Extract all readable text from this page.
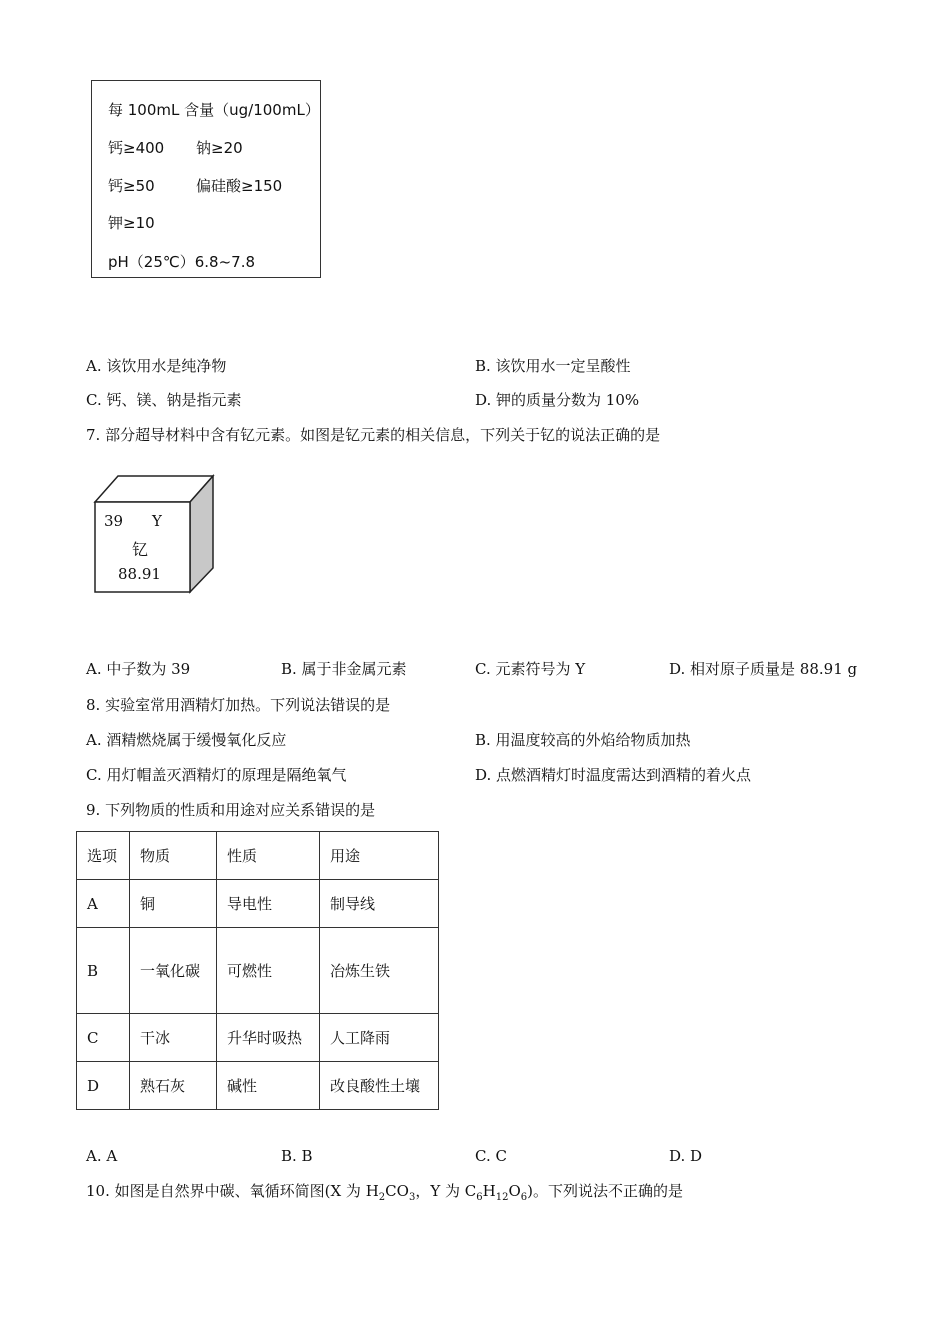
每 100mL 含量（ug/100mL）
钙≥400 钠≥20
钙≥50	偏硅酸≥150
钾≥10
pH（25℃）6.8~7.8
A. 该饮用水是纯净物	B. 该饮用水一定呈酸性
C. 钙、镁、钠是指元素	D. 钾的质量分数为 10%
7. 部分超导材料中含有钇元素。如图是钇元素的相关信息，下列关于钇的说法正确的是
39 Y
钇
88.91
A. 中子数为 39	B. 属于非金属元素	C. 元素符号为 Y	D. 相对原子质量是 88.91 g
8. 实验室常用酒精灯加热。下列说法错误的是
A. 酒精燃烧属于缓慢氧化反应	B. 用温度较高的外焰给物质加热
C. 用灯帽盖灭酒精灯的原理是隔绝氧气	D. 点燃酒精灯时温度需达到酒精的着火点
9. 下列物质的性质和用途对应关系错误的是
选项	物质	性质	用途
A	铜	导电性	制导线
B	一氧化碳	可燃性	冶炼生铁
C	干冰	升华时吸热	人工降雨
D	熟石灰	碱性	改良酸性土壤
A. A	B. B	C. C	D. D
10. 如图是自然界中碳、氧循环简图(X 为 $H_2CO_3$，Y 为 $C_6H_{12}O_6$)。下列说法不正确的是
